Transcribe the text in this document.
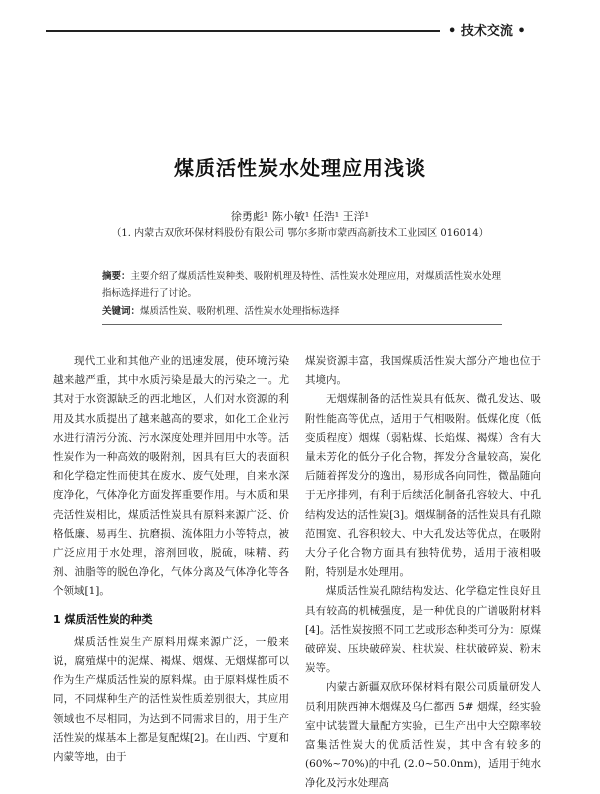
• 技术交流 •
煤质活性炭水处理应用浅谈
徐勇彪¹ 陈小敏¹ 任浩¹ 王洋¹
（1. 内蒙古双欣环保材料股份有限公司 鄂尔多斯市蒙西高新技术工业园区 016014）
摘要：主要介绍了煤质活性炭种类、吸附机理及特性、活性炭水处理应用，对煤质活性炭水处理指标选择进行了讨论。
关键词：煤质活性炭、吸附机理、活性炭水处理指标选择

现代工业和其他产业的迅速发展，使环境污染越来越严重，其中水质污染是最大的污染之一。尤其对于水资源缺乏的西北地区，人们对水资源的利用及其水质提出了越来越高的要求，如化工企业污水进行清污分流、污水深度处理并回用中水等。活性炭作为一种高效的吸附剂，因具有巨大的表面积和化学稳定性而使其在废水、废气处理，自来水深度净化，气体净化方面发挥重要作用。与木质和果壳活性炭相比，煤质活性炭具有原料来源广泛、价格低廉、易再生、抗磨损、流体阻力小等特点，被广泛应用于水处理，溶剂回收，脱硫，味精、药剂、油脂等的脱色净化，气体分离及气体净化等各个领域[1]。

1 煤质活性炭的种类

煤质活性炭生产原料用煤来源广泛，一般来说，腐殖煤中的泥煤、褐煤、烟煤、无烟煤都可以作为生产煤质活性炭的原料煤。由于原料煤性质不同，不同煤种生产的活性炭性质差别很大，其应用领域也不尽相同，为达到不同需求目的，用于生产活性炭的煤基本上都是复配煤[2]。在山西、宁夏和内蒙等地，由于

煤炭资源丰富，我国煤质活性炭大部分产地也位于其境内。

无烟煤制备的活性炭具有低灰、微孔发达、吸附性能高等优点，适用于气相吸附。低煤化度（低变质程度）烟煤（弱粘煤、长焰煤、褐煤）含有大量未芳化的低分子化合物，挥发分含量较高，炭化后随着挥发分的逸出，易形成各向同性，微晶随向于无序排列，有利于后续活化制备孔容较大、中孔结构发达的活性炭[3]。烟煤制备的活性炭具有孔隙范围宽、孔容积较大、中大孔发达等优点，在吸附大分子化合物方面具有独特优势，适用于液相吸附，特别是水处理用。

煤质活性炭孔隙结构发达、化学稳定性良好且具有较高的机械强度，是一种优良的广谱吸附材料[4]。活性炭按照不同工艺或形态种类可分为：原煤破碎炭、压块破碎炭、柱状炭、柱状破碎炭、粉末炭等。

内蒙古新疆双欣环保材料有限公司质量研发人员利用陕西神木烟煤及乌仁都西 5# 烟煤，经实验室中试装置大量配方实验，已生产出中大空隙率较富集活性炭大的优质活性炭，其中含有较多的(60%~70%)的中孔 (2.0~50.0nm)，适用于纯水净化及污水处理高
